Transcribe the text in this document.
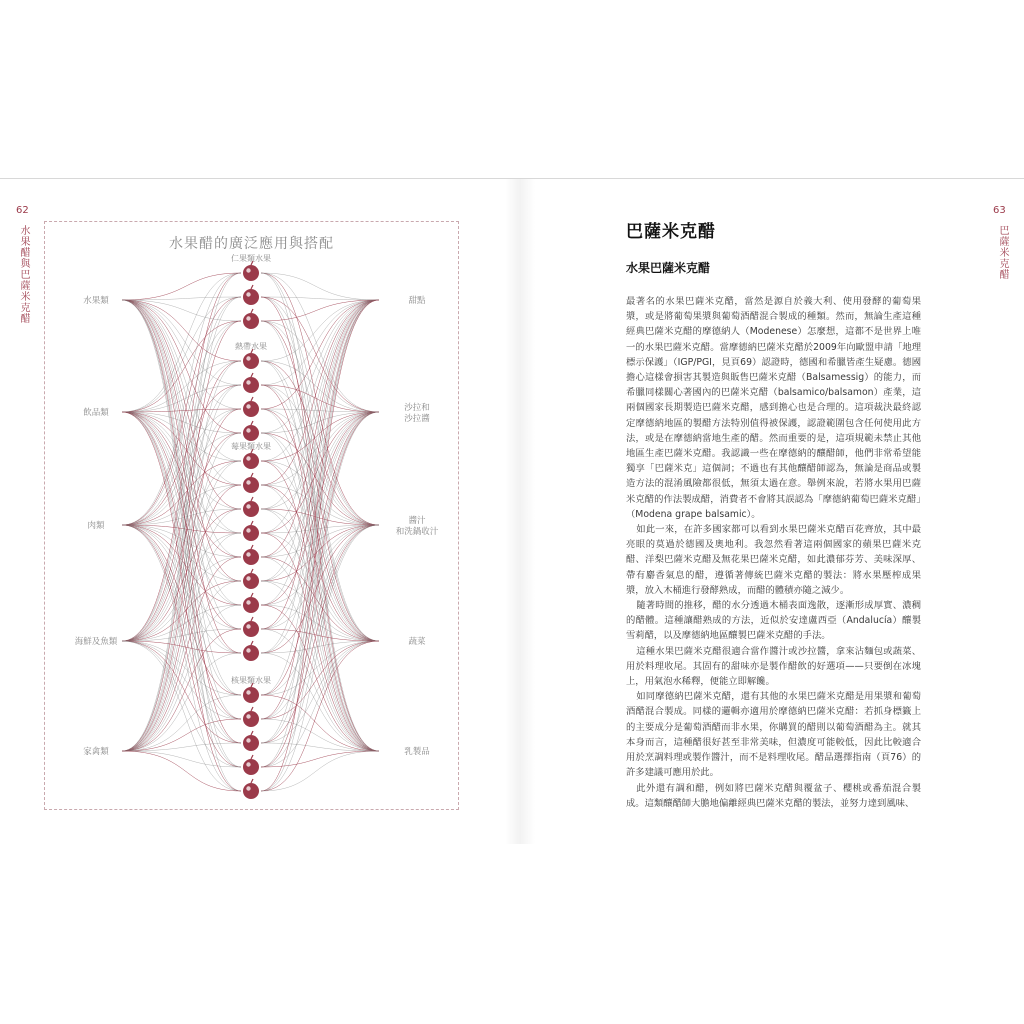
62
水果醋與巴薩米克醋	水果醋的廣泛應用與搭配
仁果類水果
熱帶水果
莓果類水果
核果類水果
水果類
飲品類
肉類
海鮮及魚類
家禽類
甜點
沙拉和沙拉醬
醬汁和洗鍋收汁
蔬菜
乳製品
63
巴薩米克醋
巴薩米克醋
水果巴薩米克醋

最著名的水果巴薩米克醋，當然是源自於義大利、使用發酵的葡萄果漿，或是將葡萄果漿與葡萄酒醋混合製成的種類。然而，無論生產這種經典巴薩米克醋的摩德納人（Modenese）怎麼想，這都不是世界上唯一的水果巴薩米克醋。當摩德納巴薩米克醋於2009年向歐盟申請「地理標示保護」（IGP/PGI，見頁69）認證時，德國和希臘皆產生疑慮。德國擔心這樣會損害其製造與販售巴薩米克醋（Balsamessig）的能力，而希臘同樣關心著國內的巴薩米克醋（balsamico/balsamon）產業，這兩個國家長期製造巴薩米克醋，感到擔心也是合理的。這項裁決最終認定摩德納地區的製醋方法特別值得被保護，認證範圍包含任何使用此方法，或是在摩德納當地生產的醋。然而重要的是，這項規範未禁止其他地區生產巴薩米克醋。我認識一些在摩德納的釀醋師，他們非常希望能獨享「巴薩米克」這個詞；不過也有其他釀醋師認為，無論是商品或製造方法的混淆風險都很低，無須太過在意。舉例來說，若將水果用巴薩米克醋的作法製成醋，消費者不會將其誤認為「摩德納葡萄巴薩米克醋」（Modena grape balsamic）。

如此一來，在許多國家都可以看到水果巴薩米克醋百花齊放，其中最亮眼的莫過於德國及奧地利。我忽然看著這兩個國家的蘋果巴薩米克醋、洋梨巴薩米克醋及無花果巴薩米克醋，如此濃郁芬芳、美味深厚、帶有麝香氣息的醋，遵循著傳統巴薩米克醋的製法：將水果壓榨成果漿，放入木桶進行發酵熟成，而醋的體積亦隨之減少。

隨著時間的推移，醋的水分透過木桶表面逸散，逐漸形成厚實、濃稠的醋體。這種讓醋熟成的方法，近似於安達盧西亞（Andalucía）釀製雪莉醋，以及摩德納地區釀製巴薩米克醋的手法。

這種水果巴薩米克醋很適合當作醬汁或沙拉醬，拿來沾麵包或蔬菜、用於料理收尾。其固有的甜味亦是製作醋飲的好選項——只要倒在冰塊上，用氣泡水稀釋，便能立即解饞。

如同摩德納巴薩米克醋，還有其他的水果巴薩米克醋是用果漿和葡萄酒醋混合製成。同樣的邏輯亦適用於摩德納巴薩米克醋：若抓身標籤上的主要成分是葡萄酒醋而非水果，你購買的醋則以葡萄酒醋為主。就其本身而言，這種醋很好甚至非常美味，但濃度可能較低，因此比較適合用於烹調料理或製作醬汁，而不是料理收尾。醋品選擇指南（頁76）的許多建議可應用於此。

此外還有調和醋，例如將巴薩米克醋與覆盆子、櫻桃或番茄混合製成。這類釀醋師大膽地偏離經典巴薩米克醋的製法，並努力達到風味、
